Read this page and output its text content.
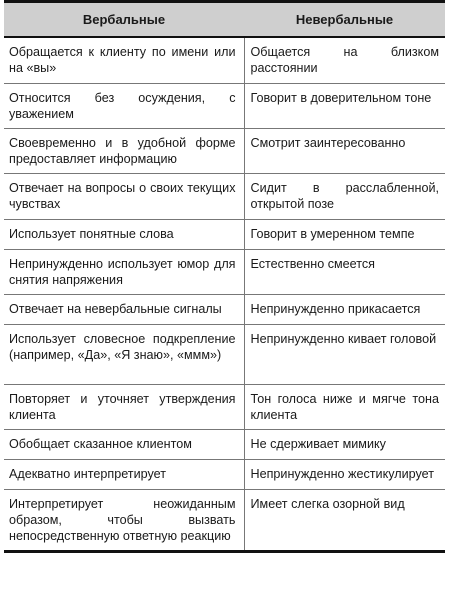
Вербальные	Невербальные
Обращается к клиенту по имени или на «вы»	Общается на близком расстоянии
Относится без осуждения, с уважением	Говорит в доверительном тоне
Своевременно и в удобной форме предоставляет информацию	Смотрит заинтересованно
Отвечает на вопросы о своих текущих чувствах	Сидит в расслабленной, открытой позе
Использует понятные слова	Говорит в умеренном темпе
Непринужденно использует юмор для снятия напряжения	Естественно смеется
Отвечает на невербальные сигналы	Непринужденно прикасается
Использует словесное подкрепление (например, «Да», «Я знаю», «ммм»)	Непринужденно кивает головой
Повторяет и уточняет утверждения клиента	Тон голоса ниже и мягче тона клиента
Обобщает сказанное клиентом	Не сдерживает мимику
Адекватно интерпретирует	Непринужденно жестикулирует
Интерпретирует неожиданным образом, чтобы вызвать непосредственную ответную реакцию	Имеет слегка озорной вид
